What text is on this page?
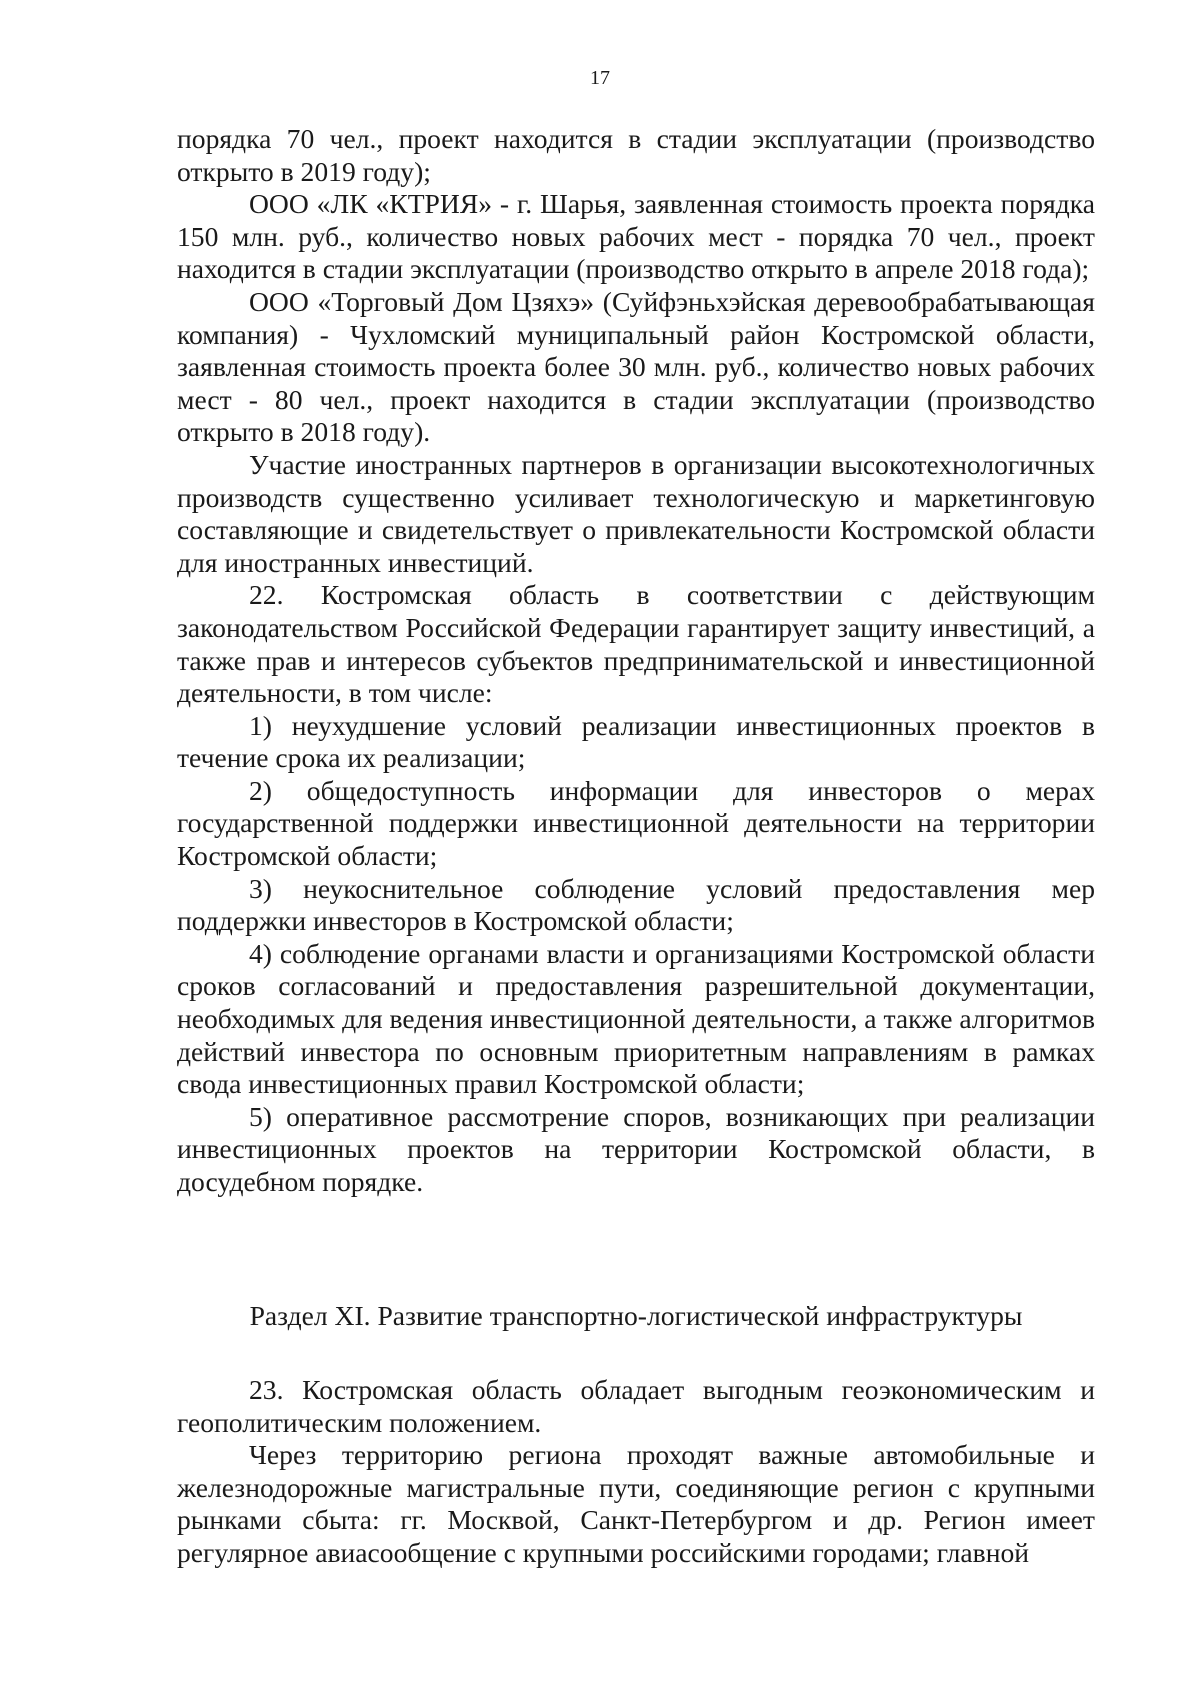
17

порядка 70 чел., проект находится в стадии эксплуатации (производство открыто в 2019 году);

ООО «ЛК «КТРИЯ» - г. Шарья, заявленная стоимость проекта порядка 150 млн. руб., количество новых рабочих мест - порядка 70 чел., проект находится в стадии эксплуатации (производство открыто в апреле 2018 года);

ООО «Торговый Дом Цзяхэ» (Суйфэньхэйская деревообрабатывающая компания) - Чухломский муниципальный район Костромской области, заявленная стоимость проекта более 30 млн. руб., количество новых рабочих мест - 80 чел., проект находится в стадии эксплуатации (производство открыто в 2018 году).

Участие иностранных партнеров в организации высокотехнологичных производств существенно усиливает технологическую и маркетинговую составляющие и свидетельствует о привлекательности Костромской области для иностранных инвестиций.

22. Костромская область в соответствии с действующим законодательством Российской Федерации гарантирует защиту инвестиций, а также прав и интересов субъектов предпринимательской и инвестиционной деятельности, в том числе:

1) неухудшение условий реализации инвестиционных проектов в течение срока их реализации;

2) общедоступность информации для инвесторов о мерах государственной поддержки инвестиционной деятельности на территории Костромской области;

3) неукоснительное соблюдение условий предоставления мер поддержки инвесторов в Костромской области;

4) соблюдение органами власти и организациями Костромской области сроков согласований и предоставления разрешительной документации, необходимых для ведения инвестиционной деятельности, а также алгоритмов действий инвестора по основным приоритетным направлениям в рамках свода инвестиционных правил Костромской области;

5) оперативное рассмотрение споров, возникающих при реализации инвестиционных проектов на территории Костромской области, в досудебном порядке.

Раздел XI. Развитие транспортно-логистической инфраструктуры

23. Костромская область обладает выгодным геоэкономическим и геополитическим положением.

Через территорию региона проходят важные автомобильные и железнодорожные магистральные пути, соединяющие регион с крупными рынками сбыта: гг. Москвой, Санкт-Петербургом и др. Регион имеет регулярное авиасообщение с крупными российскими городами; главной
